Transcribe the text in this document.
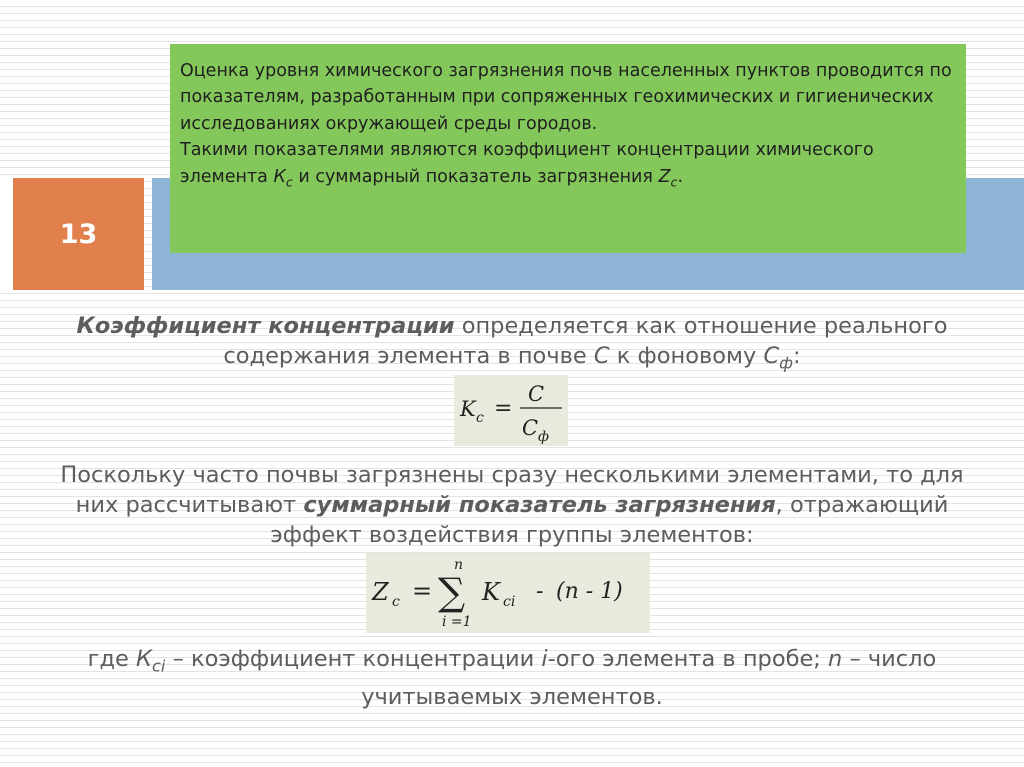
13

Оценка уровня химического загрязнения почв населенных пунктов проводится по показателям, разработанным при сопряженных геохимических и гигиенических исследованиях окружающей среды городов.

Такими показателями являются коэффициент концентрации химического элемента $К_с$ и суммарный показатель загрязнения $Z_с$.

Коэффициент концентрации определяется как отношение реального содержания элемента в почве С к фоновому $С_ф$:
K c =
C
C ф
Поскольку часто почвы загрязнены сразу несколькими элементами, то для них рассчитывают суммарный показатель загрязнения, отражающий эффект воздействия группы элементов:
Z c =
n
∑
i =1
K ci - (n - 1)
где $К_{ci}$ – коэффициент концентрации i-ого элемента в пробе; n – число учитываемых элементов.
